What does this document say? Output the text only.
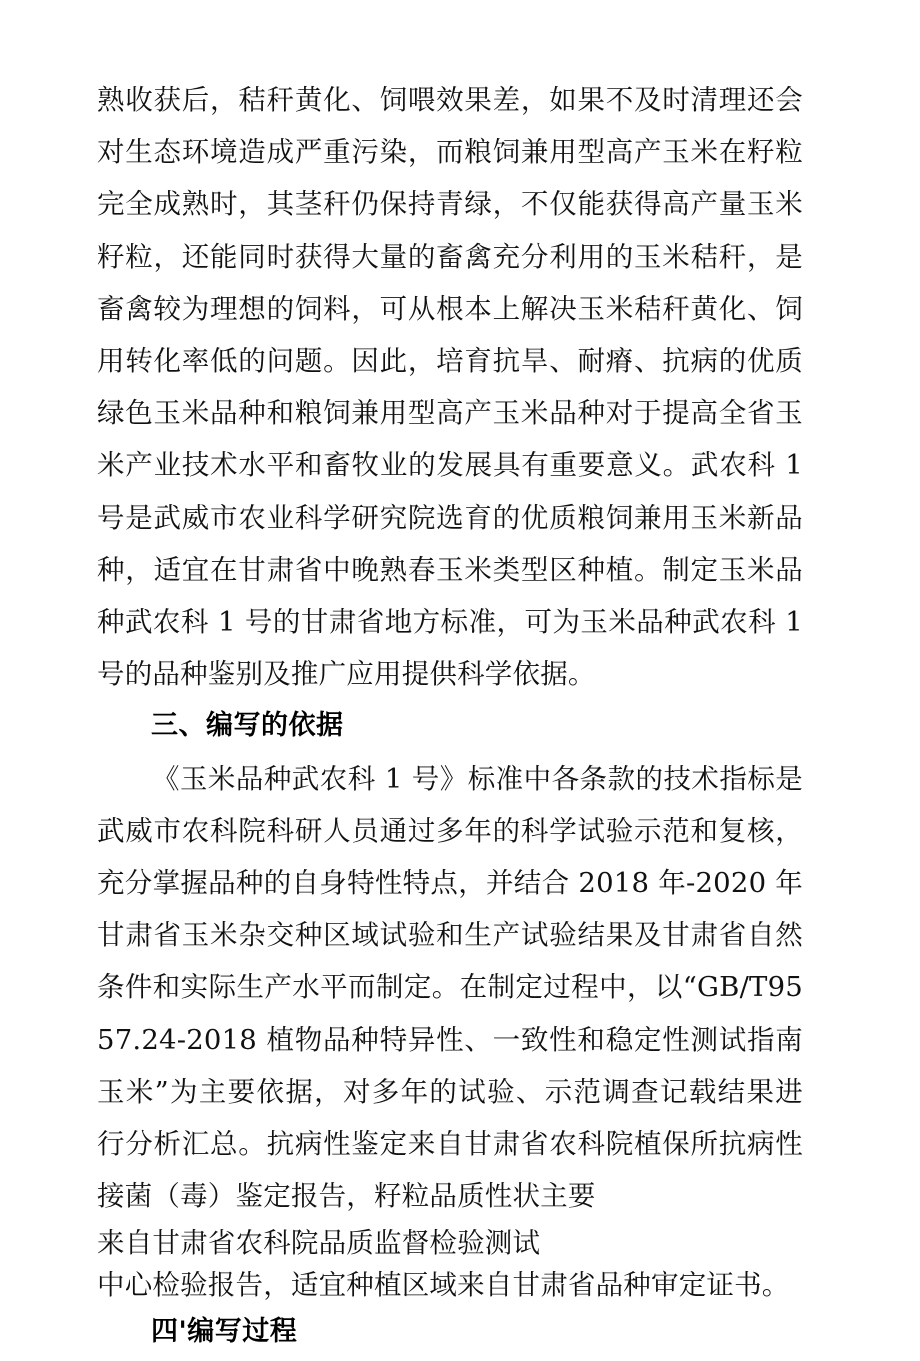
熟收获后，秸秆黄化、饲喂效果差，如果不及时清理还会对生态环境造成严重污染，而粮饲兼用型高产玉米在籽粒完全成熟时，其茎秆仍保持青绿，不仅能获得高产量玉米籽粒，还能同时获得大量的畜禽充分利用的玉米秸秆，是畜禽较为理想的饲料，可从根本上解决玉米秸秆黄化、饲用转化率低的问题。因此，培育抗旱、耐瘠、抗病的优质绿色玉米品种和粮饲兼用型高产玉米品种对于提高全省玉米产业技术水平和畜牧业的发展具有重要意义。武农科 1 号是武威市农业科学研究院选育的优质粮饲兼用玉米新品种，适宜在甘肃省中晚熟春玉米类型区种植。制定玉米品种武农科 1 号的甘肃省地方标准，可为玉米品种武农科 1 号的品种鉴别及推广应用提供科学依据。

三、编写的依据

《玉米品种武农科 1 号》标准中各条款的技术指标是武威市农科院科研人员通过多年的科学试验示范和复核，充分掌握品种的自身特性特点，并结合 2018 年-2020 年甘肃省玉米杂交种区域试验和生产试验结果及甘肃省自然条件和实际生产水平而制定。在制定过程中，以“GB/T9557.24-2018 植物品种特异性、一致性和稳定性测试指南玉米”为主要依据，对多年的试验、示范调查记载结果进行分析汇总。抗病性鉴定来自甘肃省农科院植保所抗病性接菌（毒）鉴定报告，籽粒品质性状主要

来自甘肃省农科院品质监督检验测试

中心检验报告，适宜种植区域来自甘肃省品种审定证书。

四'编写过程
